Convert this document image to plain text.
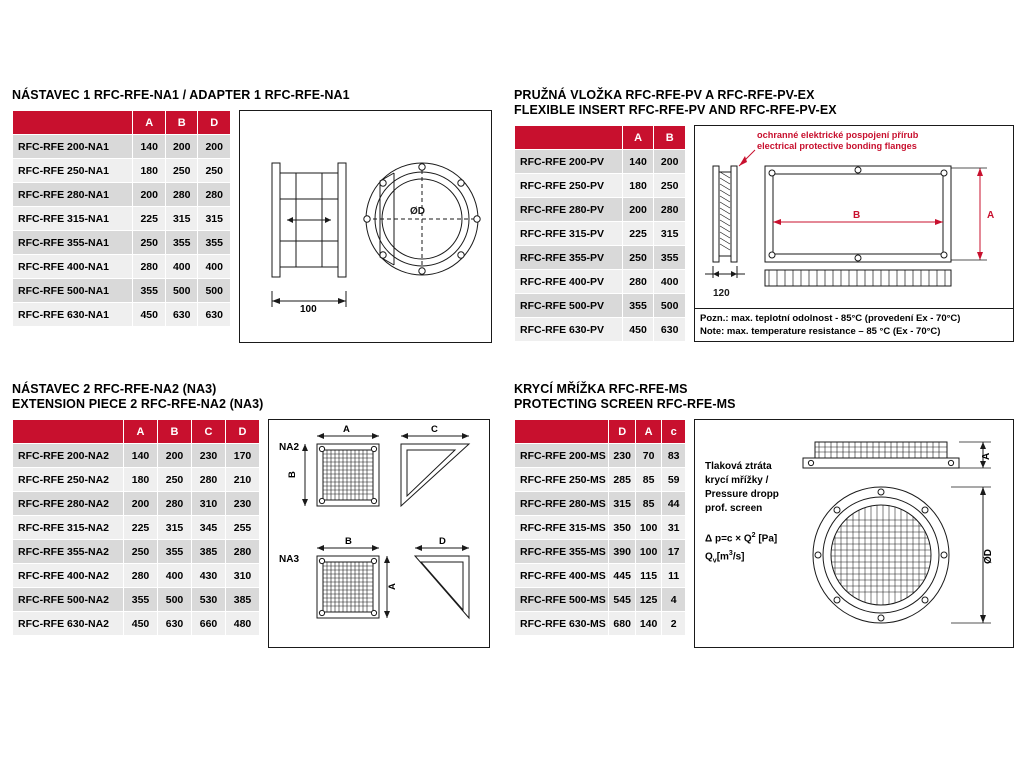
NÁSTAVEC 1 RFC-RFE-NA1 / ADAPTER 1 RFC-RFE-NA1
	A	B	D
RFC-RFE 200-NA1	140	200	200
RFC-RFE 250-NA1	180	250	250
RFC-RFE 280-NA1	200	280	280
RFC-RFE 315-NA1	225	315	315
RFC-RFE 355-NA1	250	355	355
RFC-RFE 400-NA1	280	400	400
RFC-RFE 500-NA1	355	500	500
RFC-RFE 630-NA1	450	630	630
ØD
100
PRUŽNÁ VLOŽKA RFC-RFE-PV A RFC-RFE-PV-EX
FLEXIBLE INSERT RFC-RFE-PV AND RFC-RFE-PV-EX
	A	B
RFC-RFE 200-PV	140	200
RFC-RFE 250-PV	180	250
RFC-RFE 280-PV	200	280
RFC-RFE 315-PV	225	315
RFC-RFE 355-PV	250	355
RFC-RFE 400-PV	280	400
RFC-RFE 500-PV	355	500
RFC-RFE 630-PV	450	630
B	A
120
ochranné elektrické pospojení přírub
electrical protective bonding flanges
Pozn.: max. teplotní odolnost - 85°C (provedení Ex - 70°C)
Note: max. temperature resistance – 85 °C (Ex - 70°C)
NÁSTAVEC 2 RFC-RFE-NA2 (NA3)
EXTENSION PIECE 2 RFC-RFE-NA2 (NA3)
	A	B	C	D
RFC-RFE 200-NA2	140	200	230	170
RFC-RFE 250-NA2	180	250	280	210
RFC-RFE 280-NA2	200	280	310	230
RFC-RFE 315-NA2	225	315	345	255
RFC-RFE 355-NA2	250	355	385	280
RFC-RFE 400-NA2	280	400	430	310
RFC-RFE 500-NA2	355	500	530	385
RFC-RFE 630-NA2	450	630	660	480
NA2
NA3
A
B
C
B
A
D
KRYCÍ MŘÍŽKA RFC-RFE-MS
PROTECTING SCREEN RFC-RFE-MS
	D	A	c
RFC-RFE 200-MS	230	70	83
RFC-RFE 250-MS	285	85	59
RFC-RFE 280-MS	315	85	44
RFC-RFE 315-MS	350	100	31
RFC-RFE 355-MS	390	100	17
RFC-RFE 400-MS	445	115	11
RFC-RFE 500-MS	545	125	4
RFC-RFE 630-MS	680	140	2
A
ØD
Tlaková ztráta
krycí mřížky /
Pressure dropp
prof. screen
Δ $p=c \times Q^2$ [Pa]
$Q_v[m^3/s]$
